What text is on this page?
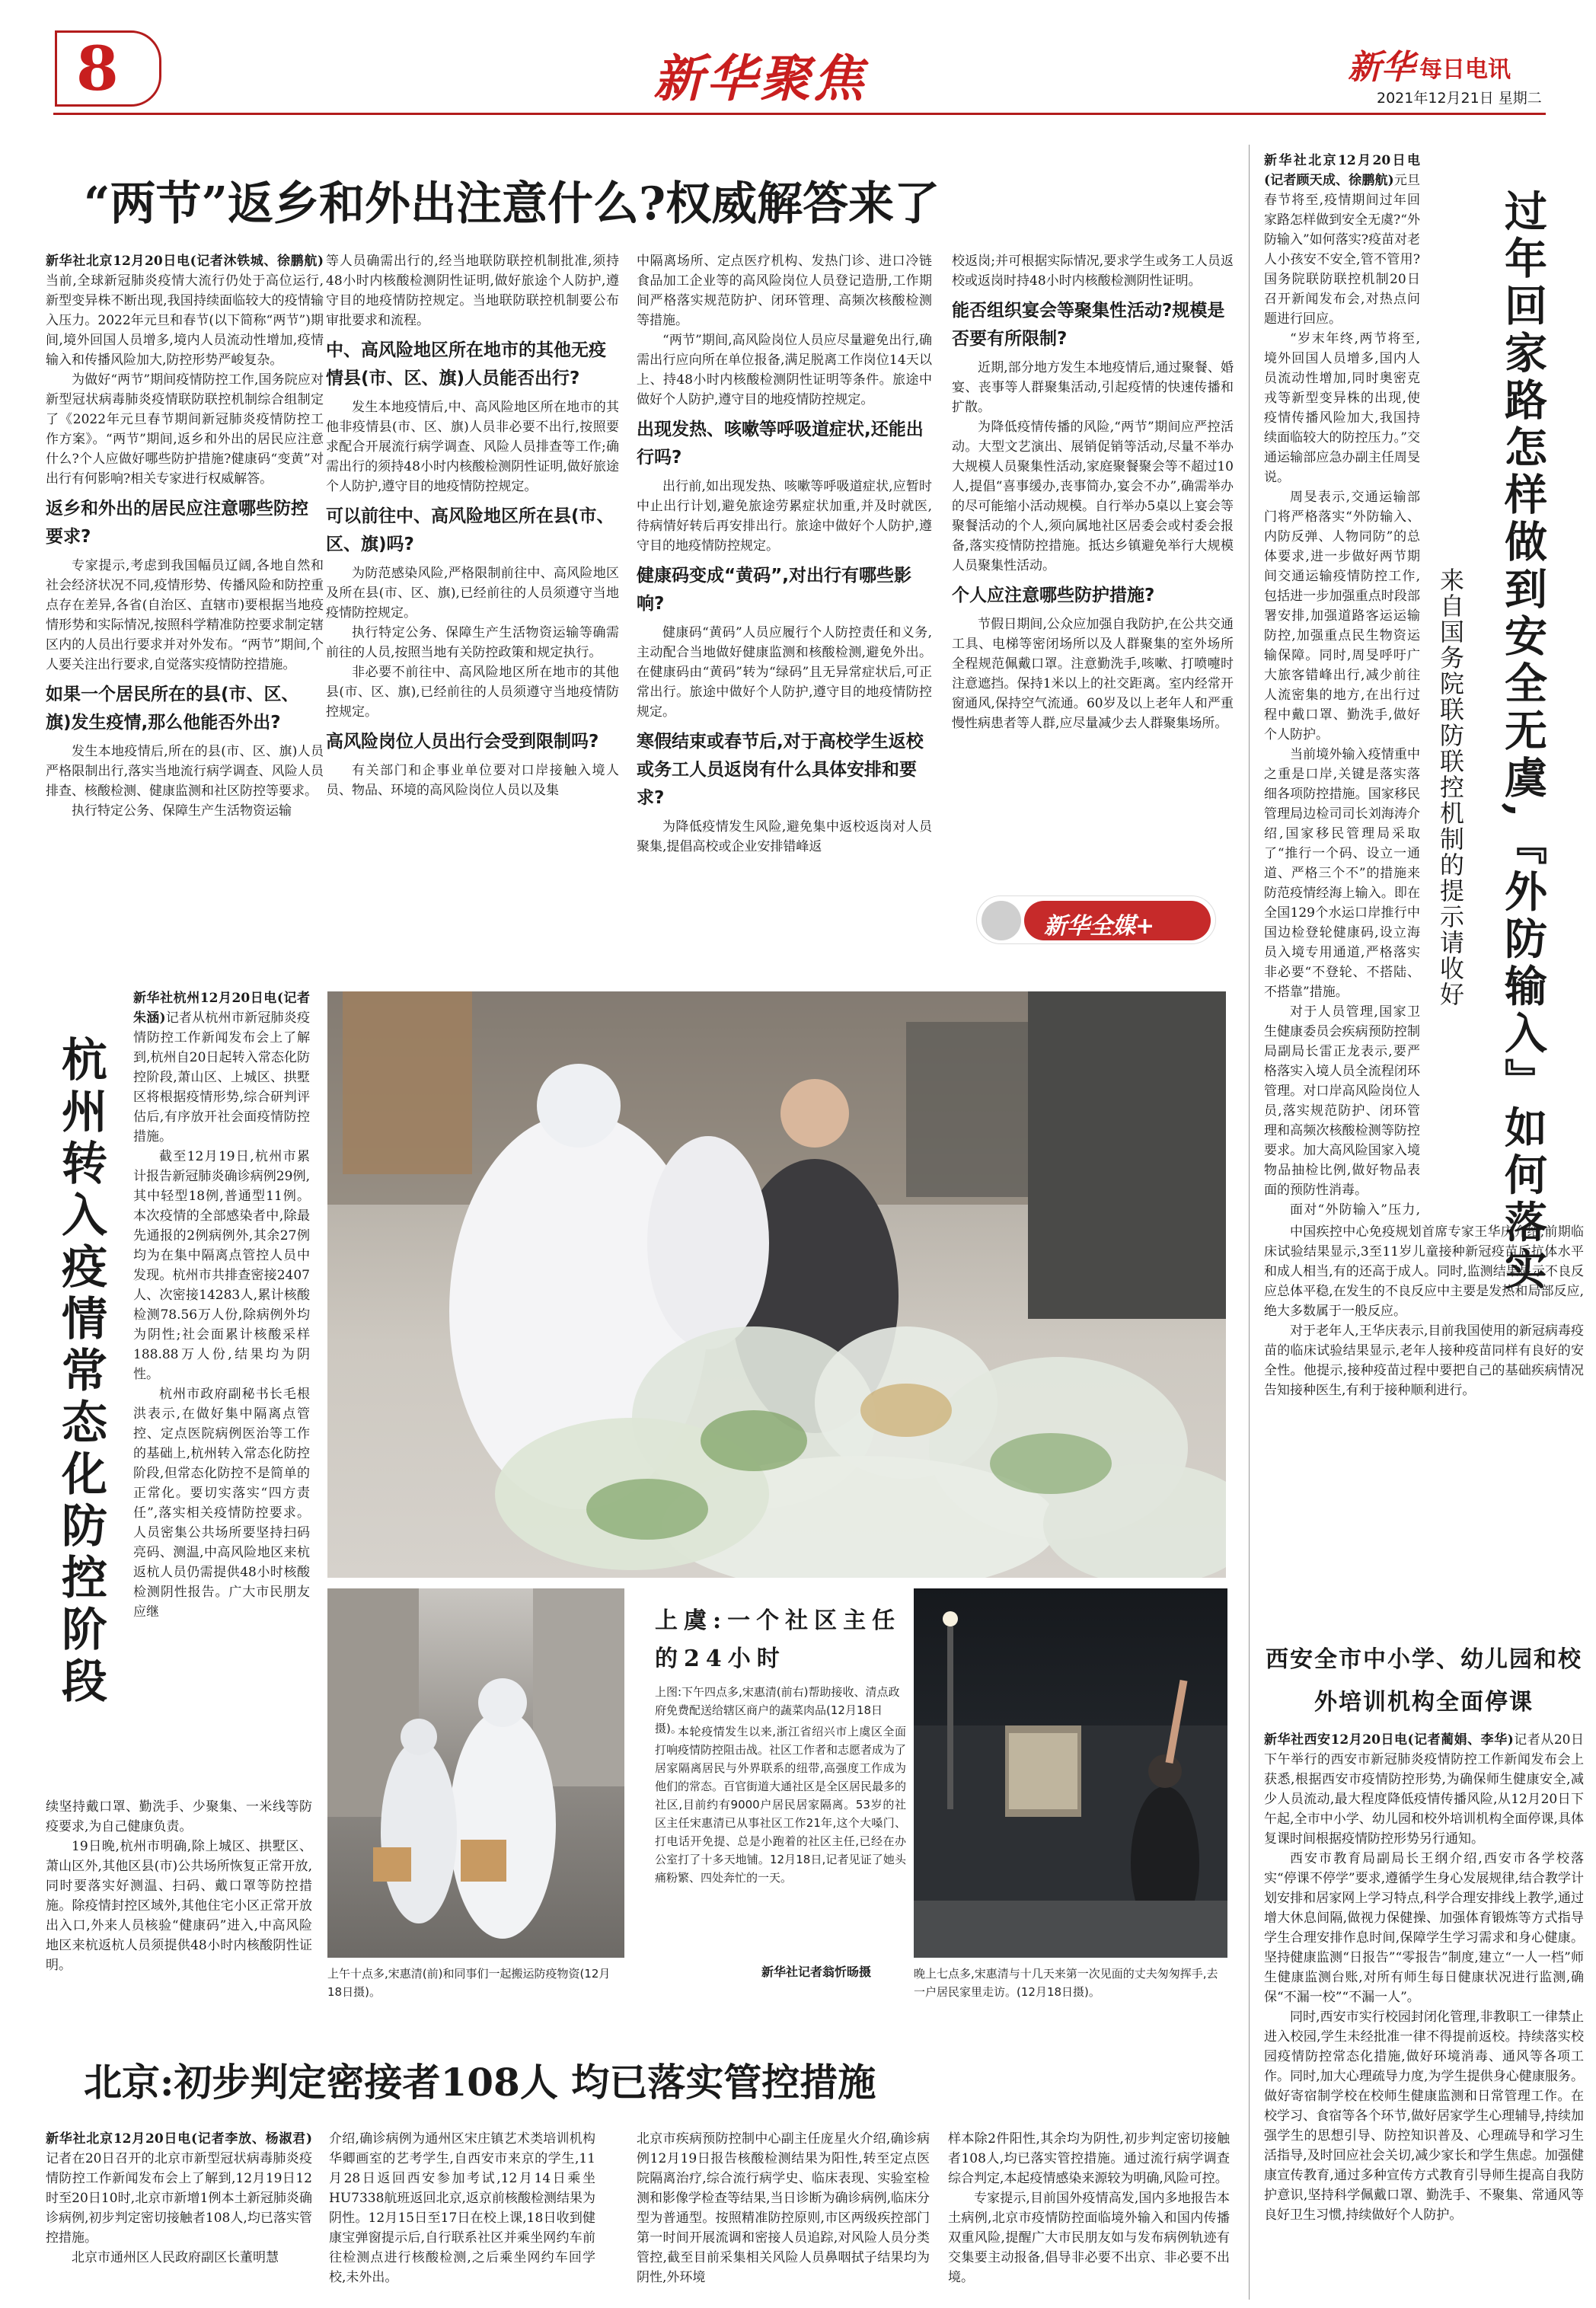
8	新华聚焦	新华 每日电讯
2021年12月21日 星期二
“两节”返乡和外出注意什么?权威解答来了
新华社北京12月20日电(记者沐铁城、徐鹏航)当前,全球新冠肺炎疫情大流行仍处于高位运行,新型变异株不断出现,我国持续面临较大的疫情输入压力。2022年元旦和春节(以下简称“两节”)期间,境外回国人员增多,境内人员流动性增加,疫情输入和传播风险加大,防控形势严峻复杂。
为做好“两节”期间疫情防控工作,国务院应对新型冠状病毒肺炎疫情联防联控机制综合组制定了《2022年元旦春节期间新冠肺炎疫情防控工作方案》。“两节”期间,返乡和外出的居民应注意什么?个人应做好哪些防护措施?健康码“变黄”对出行有何影响?相关专家进行权威解答。
返乡和外出的居民应注意哪些防控要求?
专家提示,考虑到我国幅员辽阔,各地自然和社会经济状况不同,疫情形势、传播风险和防控重点存在差异,各省(自治区、直辖市)要根据当地疫情形势和实际情况,按照科学精准防控要求制定辖区内的人员出行要求并对外发布。“两节”期间,个人要关注出行要求,自觉落实疫情防控措施。
如果一个居民所在的县(市、区、旗)发生疫情,那么他能否外出?
发生本地疫情后,所在的县(市、区、旗)人员严格限制出行,落实当地流行病学调查、风险人员排查、核酸检测、健康监测和社区防控等要求。
执行特定公务、保障生产生活物资运输
等人员确需出行的,经当地联防联控机制批准,须持48小时内核酸检测阴性证明,做好旅途个人防护,遵守目的地疫情防控规定。当地联防联控机制要公布审批要求和流程。
中、高风险地区所在地市的其他无疫情县(市、区、旗)人员能否出行?
发生本地疫情后,中、高风险地区所在地市的其他非疫情县(市、区、旗)人员非必要不出行,按照要求配合开展流行病学调查、风险人员排查等工作;确需出行的须持48小时内核酸检测阴性证明,做好旅途个人防护,遵守目的地疫情防控规定。
可以前往中、高风险地区所在县(市、区、旗)吗?
为防范感染风险,严格限制前往中、高风险地区及所在县(市、区、旗),已经前往的人员须遵守当地疫情防控规定。
执行特定公务、保障生产生活物资运输等确需前往的人员,按照当地有关防控政策和规定执行。
非必要不前往中、高风险地区所在地市的其他县(市、区、旗),已经前往的人员须遵守当地疫情防控规定。
高风险岗位人员出行会受到限制吗?
有关部门和企事业单位要对口岸接触入境人员、物品、环境的高风险岗位人员以及集
中隔离场所、定点医疗机构、发热门诊、进口冷链食品加工企业等的高风险岗位人员登记造册,工作期间严格落实规范防护、闭环管理、高频次核酸检测等措施。
“两节”期间,高风险岗位人员应尽量避免出行,确需出行应向所在单位报备,满足脱离工作岗位14天以上、持48小时内核酸检测阴性证明等条件。旅途中做好个人防护,遵守目的地疫情防控规定。
出现发热、咳嗽等呼吸道症状,还能出行吗?
出行前,如出现发热、咳嗽等呼吸道症状,应暂时中止出行计划,避免旅途劳累症状加重,并及时就医,待病情好转后再安排出行。旅途中做好个人防护,遵守目的地疫情防控规定。
健康码变成“黄码”,对出行有哪些影响?
健康码“黄码”人员应履行个人防控责任和义务,主动配合当地做好健康监测和核酸检测,避免外出。在健康码由“黄码”转为“绿码”且无异常症状后,可正常出行。旅途中做好个人防护,遵守目的地疫情防控规定。
寒假结束或春节后,对于高校学生返校或务工人员返岗有什么具体安排和要求?
为降低疫情发生风险,避免集中返校返岗对人员聚集,提倡高校或企业安排错峰返
校返岗;并可根据实际情况,要求学生或务工人员返校或返岗时持48小时内核酸检测阴性证明。
能否组织宴会等聚集性活动?规模是否要有所限制?
近期,部分地方发生本地疫情后,通过聚餐、婚宴、丧事等人群聚集活动,引起疫情的快速传播和扩散。
为降低疫情传播的风险,“两节”期间应严控活动。大型文艺演出、展销促销等活动,尽量不举办大规模人员聚集性活动,家庭聚餐聚会等不超过10人,提倡“喜事缓办,丧事简办,宴会不办”,确需举办的尽可能缩小活动规模。自行举办5桌以上宴会等聚餐活动的个人,须向属地社区居委会或村委会报备,落实疫情防控措施。抵达乡镇避免举行大规模人员聚集性活动。
个人应注意哪些防护措施?
节假日期间,公众应加强自我防护,在公共交通工具、电梯等密闭场所以及人群聚集的室外场所全程规范佩戴口罩。注意勤洗手,咳嗽、打喷嚏时注意遮挡。保持1米以上的社交距离。室内经常开窗通风,保持空气流通。60岁及以上老年人和严重慢性病患者等人群,应尽量减少去人群聚集场所。
新华全媒+
新华社北京12月20日电(记者顾天成、徐鹏航)元旦春节将至,疫情期间过年回家路怎样做到安全无虞?“外防输入”如何落实?疫苗对老人小孩安不安全,管不管用?国务院联防联控机制20日召开新闻发布会,对热点问题进行回应。
“岁末年终,两节将至,境外回国人员增多,国内人员流动性增加,同时奥密克戎等新型变异株的出现,使疫情传播风险加大,我国持续面临较大的防控压力。”交通运输部应急办副主任周旻说。
周旻表示,交通运输部门将严格落实“外防输入、内防反弹、人物同防”的总体要求,进一步做好两节期间交通运输疫情防控工作,包括进一步加强重点时段部署安排,加强道路客运运输防控,加强重点民生物资运输保障。同时,周旻呼吁广大旅客错峰出行,减少前往人流密集的地方,在出行过程中戴口罩、勤洗手,做好个人防护。
当前境外输入疫情重中之重是口岸,关键是落实落细各项防控措施。国家移民管理局边检司司长刘海涛介绍,国家移民管理局采取了“推行一个码、设立一通道、严格三个不”的措施来防范疫情经海上输入。即在全国129个水运口岸推行中国边检登轮健康码,设立海员入境专用通道,严格落实非必要“不登轮、不搭陆、不搭靠”措施。
对于人员管理,国家卫生健康委员会疾病预防控制局副局长雷正龙表示,要严格落实入境人员全流程闭环管理。对口岸高风险岗位人员,落实规范防护、闭环管理和高频次核酸检测等防控要求。加大高风险国家入境物品抽检比例,做好物品表面的预防性消毒。
面对“外防输入”压力, 过年回家路怎样做到安全无虞,『外防输入』如何落实
来自国务院联防联控机制的提示请收好
中国疾控中心免疫规划首席专家王华庆介绍,前期临床试验结果显示,3至11岁儿童接种新冠疫苗后抗体水平和成人相当,有的还高于成人。同时,监测结果显示不良反应总体平稳,在发生的不良反应中主要是发热和局部反应,绝大多数属于一般反应。
对于老年人,王华庆表示,目前我国使用的新冠病毒疫苗的临床试验结果显示,老年人接种疫苗同样有良好的安全性。他提示,接种疫苗过程中要把自己的基础疾病情况告知接种医生,有利于接种顺利进行。
杭州转入疫情常态化防控阶段
新华社杭州12月20日电(记者朱涵)记者从杭州市新冠肺炎疫情防控工作新闻发布会上了解到,杭州自20日起转入常态化防控阶段,萧山区、上城区、拱墅区将根据疫情形势,综合研判评估后,有序放开社会面疫情防控措施。
截至12月19日,杭州市累计报告新冠肺炎确诊病例29例,其中轻型18例,普通型11例。本次疫情的全部感染者中,除最先通报的2例病例外,其余27例均为在集中隔离点管控人员中发现。杭州市共排查密接2407人、次密接14283人,累计核酸检测78.56万人份,除病例外均为阴性;社会面累计核酸采样188.88万人份,结果均为阴性。
杭州市政府副秘书长毛根洪表示,在做好集中隔离点管控、定点医院病例医治等工作的基础上,杭州转入常态化防控阶段,但常态化防控不是简单的正常化。要切实落实“四方责任”,落实相关疫情防控要求。人员密集公共场所要坚持扫码亮码、测温,中高风险地区来杭返杭人员仍需提供48小时核酸检测阴性报告。广大市民朋友应继
续坚持戴口罩、勤洗手、少聚集、一米线等防疫要求,为自己健康负责。
19日晚,杭州市明确,除上城区、拱墅区、萧山区外,其他区县(市)公共场所恢复正常开放,同时要落实好测温、扫码、戴口罩等防控措施。除疫情封控区域外,其他住宅小区正常开放出入口,外来人员核验“健康码”进入,中高风险地区来杭返杭人员须提供48小时内核酸阴性证明。
上虞:一个社区主任的24小时
上图:下午四点多,宋惠清(前右)帮助接收、清点政府免费配送给辖区商户的蔬菜肉品(12月18日摄)。
本轮疫情发生以来,浙江省绍兴市上虞区全面打响疫情防控阻击战。社区工作者和志愿者成为了居家隔离居民与外界联系的纽带,高强度工作成为他们的常态。百官街道大通社区是全区居民最多的社区,目前约有9000户居民居家隔离。53岁的社区主任宋惠清已从事社区工作21年,这个大嗓门、打电话开免提、总是小跑着的社区主任,已经在办公室打了十多天地铺。12月18日,记者见证了她头痛粉繁、四处奔忙的一天。
新华社记者翁忻旸摄
上午十点多,宋惠清(前)和同事们一起搬运防疫物资(12月18日摄)。
晚上七点多,宋惠清与十几天来第一次见面的丈夫匆匆挥手,去一户居民家里走访。(12月18日摄)。
西安全市中小学、幼儿园和校外培训机构全面停课
新华社西安12月20日电(记者蔺娟、李华)记者从20日下午举行的西安市新冠肺炎疫情防控工作新闻发布会上获悉,根据西安市疫情防控形势,为确保师生健康安全,减少人员流动,最大程度降低疫情传播风险,从12月20日下午起,全市中小学、幼儿园和校外培训机构全面停课,具体复课时间根据疫情防控形势另行通知。
西安市教育局副局长王纲介绍,西安市各学校落实“停课不停学”要求,遵循学生身心发展规律,结合教学计划安排和居家网上学习特点,科学合理安排线上教学,通过增大休息间隔,做视力保健操、加强体育锻炼等方式指导学生合理安排作息时间,保障学生学习需求和身心健康。坚持健康监测“日报告”“零报告”制度,建立“一人一档”师生健康监测台账,对所有师生每日健康状况进行监测,确保“不漏一校”“不漏一人”。
同时,西安市实行校园封闭化管理,非教职工一律禁止进入校园,学生未经批准一律不得提前返校。持续落实校园疫情防控常态化措施,做好环境消毒、通风等各项工作。同时,加大心理疏导力度,为学生提供身心健康服务。做好寄宿制学校在校师生健康监测和日常管理工作。在校学习、食宿等各个环节,做好居家学生心理辅导,持续加强学生的思想引导、防控知识普及、心理疏导和学习生活指导,及时回应社会关切,减少家长和学生焦虑。加强健康宣传教育,通过多种宣传方式教育引导师生提高自我防护意识,坚持科学佩戴口罩、勤洗手、不聚集、常通风等良好卫生习惯,持续做好个人防护。
北京:初步判定密接者108人 均已落实管控措施
新华社北京12月20日电(记者李放、杨淑君)记者在20日召开的北京市新型冠状病毒肺炎疫情防控工作新闻发布会上了解到,12月19日12时至20日10时,北京市新增1例本土新冠肺炎确诊病例,初步判定密切接触者108人,均已落实管控措施。
北京市通州区人民政府副区长董明慧
介绍,确诊病例为通州区宋庄镇艺术类培训机构华卿画室的艺考学生,自西安市来京的学生,11月28日返回西安参加考试,12月14日乘坐HU7338航班返回北京,返京前核酸检测结果为阴性。12月15日至17日在校上课,18日收到健康宝弹窗提示后,自行联系社区并乘坐网约车前往检测点进行核酸检测,之后乘坐网约车回学校,未外出。
北京市疾病预防控制中心副主任庞星火介绍,确诊病例12月19日报告核酸检测结果为阳性,转至定点医院隔离治疗,综合流行病学史、临床表现、实验室检测和影像学检查等结果,当日诊断为确诊病例,临床分型为普通型。按照精准防控原则,市区两级疾控部门第一时间开展流调和密接人员追踪,对风险人员分类管控,截至目前采集相关风险人员鼻咽拭子结果均为阴性,外环境
样本除2件阳性,其余均为阴性,初步判定密切接触者108人,均已落实管控措施。通过流行病学调查综合判定,本起疫情感染来源较为明确,风险可控。
专家提示,目前国外疫情高发,国内多地报告本土病例,北京市疫情防控面临境外输入和国内传播双重风险,提醒广大市民朋友如与发布病例轨迹有交集要主动报备,倡导非必要不出京、非必要不出境。
